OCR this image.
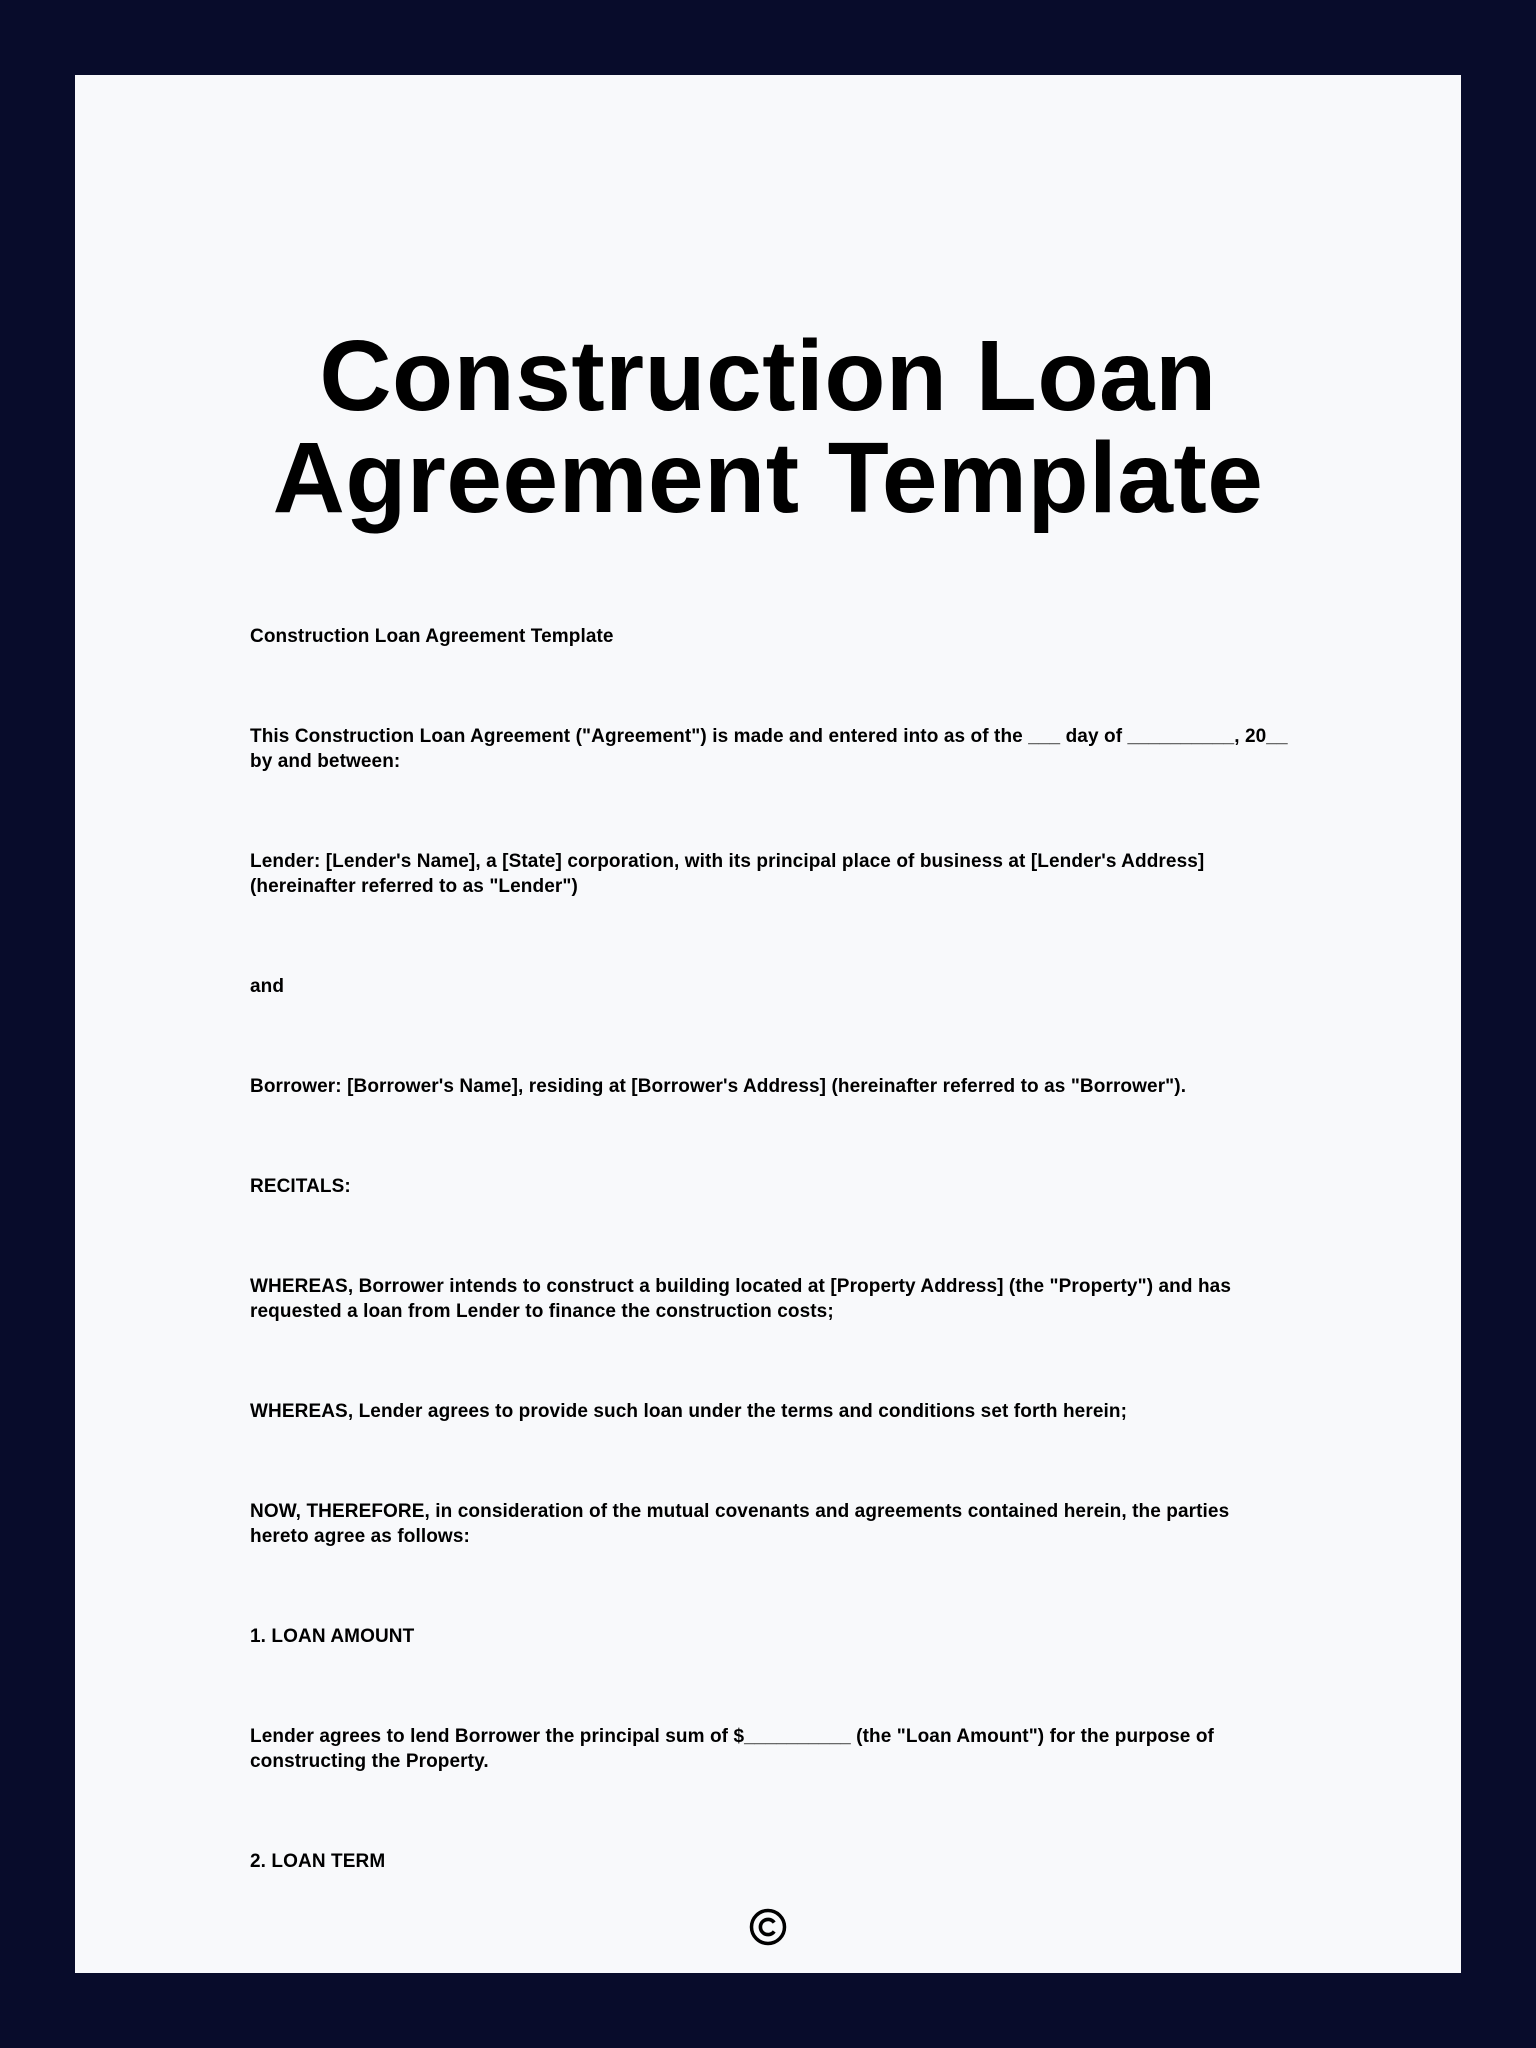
Construction Loan
Agreement Template

Construction Loan Agreement Template

This Construction Loan Agreement ("Agreement") is made and entered into as of the ___ day of __________, 20__ by and between:

Lender: [Lender's Name], a [State] corporation, with its principal place of business at [Lender's Address] (hereinafter referred to as "Lender")

and

Borrower: [Borrower's Name], residing at [Borrower's Address] (hereinafter referred to as "Borrower").

RECITALS:

WHEREAS, Borrower intends to construct a building located at [Property Address] (the "Property") and has requested a loan from Lender to finance the construction costs;

WHEREAS, Lender agrees to provide such loan under the terms and conditions set forth herein;

NOW, THEREFORE, in consideration of the mutual covenants and agreements contained herein, the parties hereto agree as follows:

1. LOAN AMOUNT

Lender agrees to lend Borrower the principal sum of $__________ (the "Loan Amount") for the purpose of constructing the Property.

2. LOAN TERM
